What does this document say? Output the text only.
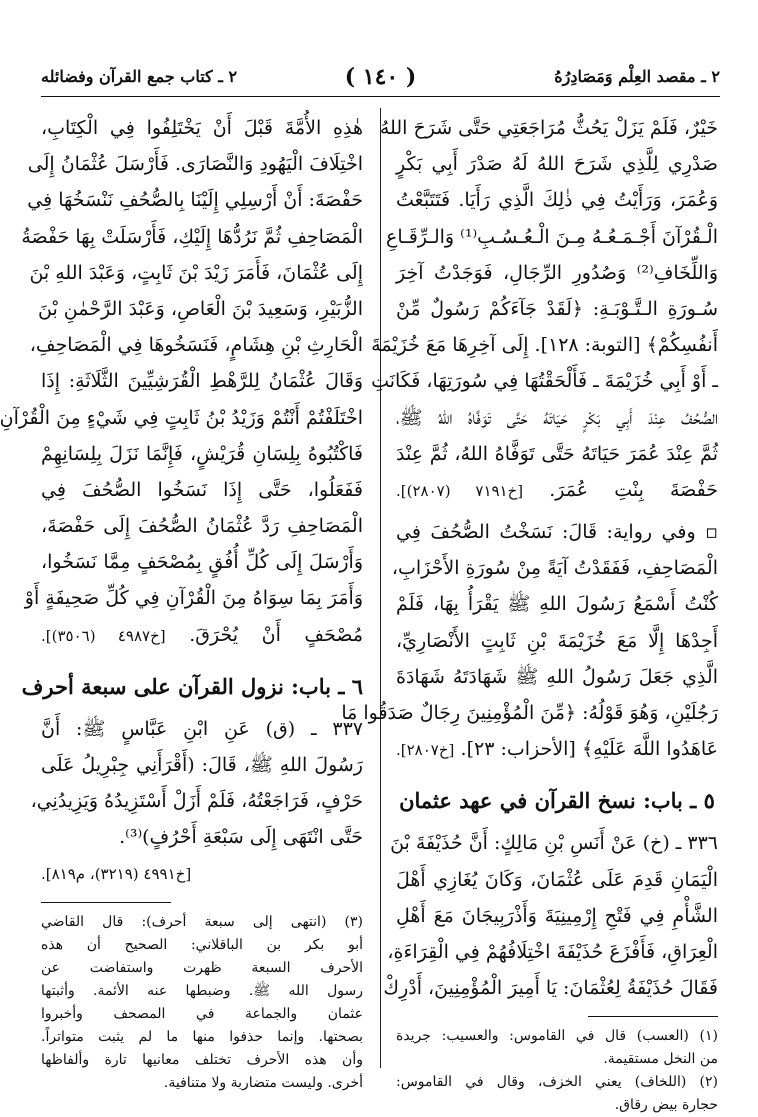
٢ ـ مقصد العِلْم وَمَصَادِرُهُ
( ١٤٠ )
٢ ـ كتاب جمع القرآن وفضائله
خَيْرٌ، فَلَمْ يَزَلْ يَحُثُّ مُرَاجَعَتِي حَتَّى شَرَحَ اللهُ
صَدْرِي لِلَّذِي شَرَحَ اللهُ لَهُ صَدْرَ أَبِي بَكْرٍ
وَعُمَرَ، وَرَأَيْتُ فِي ذٰلِكَ الَّذِي رَأَيَا. فَتَتَبَّعْتُ
الْـقُرْآنَ أَجْـمَـعُـهُ مِـنَ الْـعُـسُـبِ⁽¹⁾ وَالـرِّقَـاعِ
وَاللِّخَافِ⁽²⁾ وَصُدُورِ الرِّجَالِ، فَوَجَدْتُ آخِرَ
سُـورَةِ الـتَّـوْبَـةِ: ﴿لَقَدْ جَآءَكُمْ رَسُولٌ مِّنْ
أَنفُسِكُمْ﴾ [التوبة: ١٢٨]. إِلَى آخِرِهَا مَعَ خُزَيْمَةَ
ـ أَوْ أَبِي خُزَيْمَةَ ـ فَأَلْحَقْتُهَا فِي سُورَتِهَا، فَكَانَتِ
الصُّحُفُ عِنْدَ أَبِي بَكْرٍ حَيَاتَهُ حَتَّى تَوَفَّاهُ اللهُ ﷺ،
ثُمَّ عِنْدَ عُمَرَ حَيَاتَهُ حَتَّى تَوَفَّاهُ اللهُ، ثُمَّ عِنْدَ
حَفْصَةَ بِنْتِ عُمَرَ. [خ٧١٩١ (٢٨٠٧)].
▫ وفي رواية: قَالَ: نَسَخْتُ الصُّحُفَ فِي
الْمَصَاحِفِ، فَفَقَدْتُ آيَةً مِنْ سُورَةِ الأَحْزَابِ،
كُنْتُ أَسْمَعُ رَسُولَ اللهِ ﷺ يَقْرَأُ بِهَا، فَلَمْ
أَجِدْهَا إِلَّا مَعَ خُزَيْمَةَ بْنِ ثَابِتٍ الأَنْصَارِيِّ،
الَّذِي جَعَلَ رَسُولُ اللهِ ﷺ شَهَادَتَهُ شَهَادَةَ
رَجُلَيْنِ، وَهُوَ قَوْلُهُ: ﴿مِّنَ الْمُؤْمِنِينَ رِجَالٌ صَدَقُوا مَا
عَاهَدُوا اللَّهَ عَلَيْهِ﴾ [الأحزاب: ٢٣]. [خ٢٨٠٧].
٥ ـ باب: نسخ القرآن في عهد عثمان
٣٣٦ ـ (خ) عَنْ أَنَسِ بْنِ مَالِكٍ: أَنَّ حُذَيْفَةَ بْنَ
الْيَمَانِ قَدِمَ عَلَى عُثْمَانَ، وَكَانَ يُغَازِي أَهْلَ
الشَّأْمِ فِي فَتْحِ إِرْمِينِيَةَ وَأَذْرَبِيجَانَ مَعَ أَهْلِ
الْعِرَاقِ، فَأَفْزَعَ حُذَيْفَةَ اخْتِلَافُهُمْ فِي الْقِرَاءَةِ،
فَقَالَ حُذَيْفَةُ لِعُثْمَانَ: يَا أَمِيرَ الْمُؤْمِنِينَ، أَدْرِكْ
(١) (العسب) قال في القاموس: والعسيب: جريدة
من النخل مستقيمة.
(٢) (اللخاف) يعني الخزف، وقال في القاموس:
حجارة بيض رقاق.
هٰذِهِ الأُمَّةَ قَبْلَ أَنْ يَخْتَلِفُوا فِي الْكِتَابِ،
اخْتِلَافَ الْيَهُودِ وَالنَّصَارَى. فَأَرْسَلَ عُثْمَانُ إِلَى
حَفْصَةَ: أَنْ أَرْسِلِي إِلَيْنَا بِالصُّحُفِ نَنْسَخُهَا فِي
الْمَصَاحِفِ ثُمَّ نَرُدُّهَا إِلَيْكِ، فَأَرْسَلَتْ بِهَا حَفْصَةُ
إِلَى عُثْمَانَ، فَأَمَرَ زَيْدَ بْنَ ثَابِتٍ، وَعَبْدَ اللهِ بْنَ
الزُّبَيْرِ، وَسَعِيدَ بْنَ الْعَاصِ، وَعَبْدَ الرَّحْمٰنِ بْنَ
الْحَارِثِ بْنِ هِشَامٍ، فَنَسَخُوهَا فِي الْمَصَاحِفِ،
وَقَالَ عُثْمَانُ لِلرَّهْطِ الْقُرَشِيِّينَ الثَّلَاثَةِ: إِذَا
اخْتَلَفْتُمْ أَنْتُمْ وَزَيْدُ بْنُ ثَابِتٍ فِي شَيْءٍ مِنَ الْقُرْآنِ
فَاكْتُبُوهُ بِلِسَانِ قُرَيْشٍ، فَإِنَّمَا نَزَلَ بِلِسَانِهِمْ
فَفَعَلُوا، حَتَّى إِذَا نَسَخُوا الصُّحُفَ فِي
الْمَصَاحِفِ رَدَّ عُثْمَانُ الصُّحُفَ إِلَى حَفْصَةَ،
وَأَرْسَلَ إِلَى كُلِّ أُفُقٍ بِمُصْحَفٍ مِمَّا نَسَخُوا،
وَأَمَرَ بِمَا سِوَاهُ مِنَ الْقُرْآنِ فِي كُلِّ صَحِيفَةٍ أَوْ
مُصْحَفٍ أَنْ يُحْرَقَ. [خ٤٩٨٧ (٣٥٠٦)].
٦ ـ باب: نزول القرآن على سبعة أحرف
٣٣٧ ـ (ق) عَنِ ابْنِ عَبَّاسٍ ﷺ: أَنَّ
رَسُولَ اللهِ ﷺ، قَالَ: (أَقْرَأَنِي جِبْرِيلُ عَلَى
حَرْفٍ، فَرَاجَعْتُهُ، فَلَمْ أَزَلْ أَسْتَزِيدُهُ وَيَزِيدُنِي،
حَتَّى انْتَهَى إِلَى سَبْعَةِ أَحْرُفٍ)⁽³⁾.
[خ٤٩٩١ (٣٢١٩)، م٨١٩].
(٣) (انتهى إلى سبعة أحرف): قال القاضي
أبو بكر بن الباقلاني: الصحيح أن هذه
الأحرف السبعة ظهرت واستفاضت عن
رسول الله ﷺ. وضبطها عنه الأئمة. وأثبتها
عثمان والجماعة في المصحف وأخبروا
بصحتها. وإنما حذفوا منها ما لم يثبت متواتراً.
وأن هذه الأحرف تختلف معانيها تارة وألفاظها
أخرى. وليست متضاربة ولا متنافية.
